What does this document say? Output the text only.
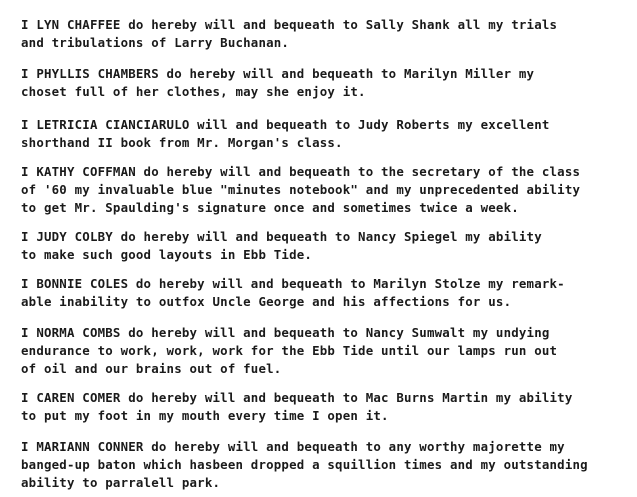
I LYN CHAFFEE do hereby will and bequeath to Sally Shank all my trials
and tribulations of Larry Buchanan.
I PHYLLIS CHAMBERS do hereby will and bequeath to Marilyn Miller my
choset full of her clothes, may she enjoy it.
I LETRICIA CIANCIARULO will and bequeath to Judy Roberts my excellent
shorthand II book from Mr. Morgan's class.
I KATHY COFFMAN do hereby will and bequeath to the secretary of the class
of '60 my invaluable blue "minutes notebook" and my unprecedented ability
to get Mr. Spaulding's signature once and sometimes twice a week.
I JUDY COLBY do hereby will and bequeath to Nancy Spiegel my ability
to make such good layouts in Ebb Tide.
I BONNIE COLES do hereby will and bequeath to Marilyn Stolze my remark-
able inability to outfox Uncle George and his affections for us.
I NORMA COMBS do hereby will and bequeath to Nancy Sumwalt my undying
endurance to work, work, work for the Ebb Tide until our lamps run out
of oil and our brains out of fuel.
I CAREN COMER do hereby will and bequeath to Mac Burns Martin my ability
to put my foot in my mouth every time I open it.
I MARIANN CONNER do hereby will and bequeath to any worthy majorette my
banged-up baton which hasbeen dropped a squillion times and my outstanding
ability to parralell park.
